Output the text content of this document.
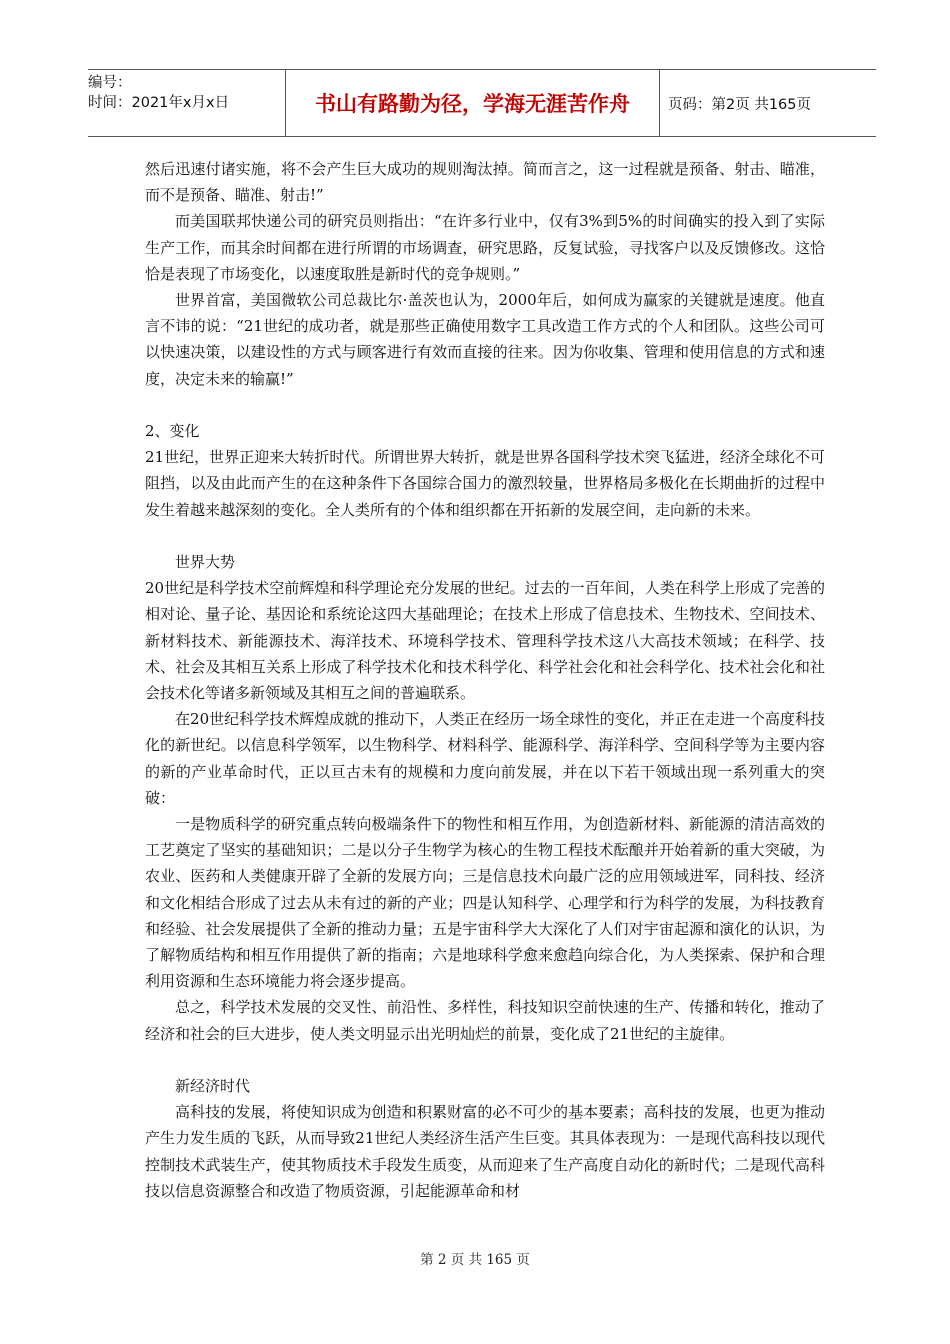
编号：
时间：2021年x月x日	书山有路勤为径，学海无涯苦作舟	页码：第2页 共165页

然后迅速付诸实施，将不会产生巨大成功的规则淘汰掉。简而言之，这一过程就是预备、射击、瞄准，而不是预备、瞄准、射击!”

而美国联邦快递公司的研究员则指出：“在许多行业中，仅有3%到5%的时间确实的投入到了实际生产工作，而其余时间都在进行所谓的市场调查，研究思路，反复试验，寻找客户以及反馈修改。这恰恰是表现了市场变化，以速度取胜是新时代的竞争规则。”

世界首富，美国微软公司总裁比尔·盖茨也认为，2000年后，如何成为赢家的关键就是速度。他直言不讳的说：“21世纪的成功者，就是那些正确使用数字工具改造工作方式的个人和团队。这些公司可以快速决策，以建设性的方式与顾客进行有效而直接的往来。因为你收集、管理和使用信息的方式和速度，决定未来的输赢!”

2、变化

21世纪，世界正迎来大转折时代。所谓世界大转折，就是世界各国科学技术突飞猛进，经济全球化不可阻挡，以及由此而产生的在这种条件下各国综合国力的激烈较量，世界格局多极化在长期曲折的过程中发生着越来越深刻的变化。全人类所有的个体和组织都在开拓新的发展空间，走向新的未来。

世界大势

20世纪是科学技术空前辉煌和科学理论充分发展的世纪。过去的一百年间，人类在科学上形成了完善的相对论、量子论、基因论和系统论这四大基础理论；在技术上形成了信息技术、生物技术、空间技术、新材料技术、新能源技术、海洋技术、环境科学技术、管理科学技术这八大高技术领域；在科学、技术、社会及其相互关系上形成了科学技术化和技术科学化、科学社会化和社会科学化、技术社会化和社会技术化等诸多新领域及其相互之间的普遍联系。

在20世纪科学技术辉煌成就的推动下，人类正在经历一场全球性的变化，并正在走进一个高度科技化的新世纪。以信息科学领军，以生物科学、材料科学、能源科学、海洋科学、空间科学等为主要内容的新的产业革命时代，正以亘古未有的规模和力度向前发展，并在以下若干领域出现一系列重大的突破：

一是物质科学的研究重点转向极端条件下的物性和相互作用，为创造新材料、新能源的清洁高效的工艺奠定了坚实的基础知识；二是以分子生物学为核心的生物工程技术酝酿并开始着新的重大突破，为农业、医药和人类健康开辟了全新的发展方向；三是信息技术向最广泛的应用领域进军，同科技、经济和文化相结合形成了过去从未有过的新的产业；四是认知科学、心理学和行为科学的发展，为科技教育和经验、社会发展提供了全新的推动力量；五是宇宙科学大大深化了人们对宇宙起源和演化的认识，为了解物质结构和相互作用提供了新的指南；六是地球科学愈来愈趋向综合化，为人类探索、保护和合理利用资源和生态环境能力将会逐步提高。

总之，科学技术发展的交叉性、前沿性、多样性，科技知识空前快速的生产、传播和转化，推动了经济和社会的巨大进步，使人类文明显示出光明灿烂的前景，变化成了21世纪的主旋律。

新经济时代

高科技的发展，将使知识成为创造和积累财富的必不可少的基本要素；高科技的发展，也更为推动产生力发生质的飞跃，从而导致21世纪人类经济生活产生巨变。其具体表现为：一是现代高科技以现代控制技术武装生产，使其物质技术手段发生质变，从而迎来了生产高度自动化的新时代；二是现代高科技以信息资源整合和改造了物质资源，引起能源革命和材

第 2 页 共 165 页
